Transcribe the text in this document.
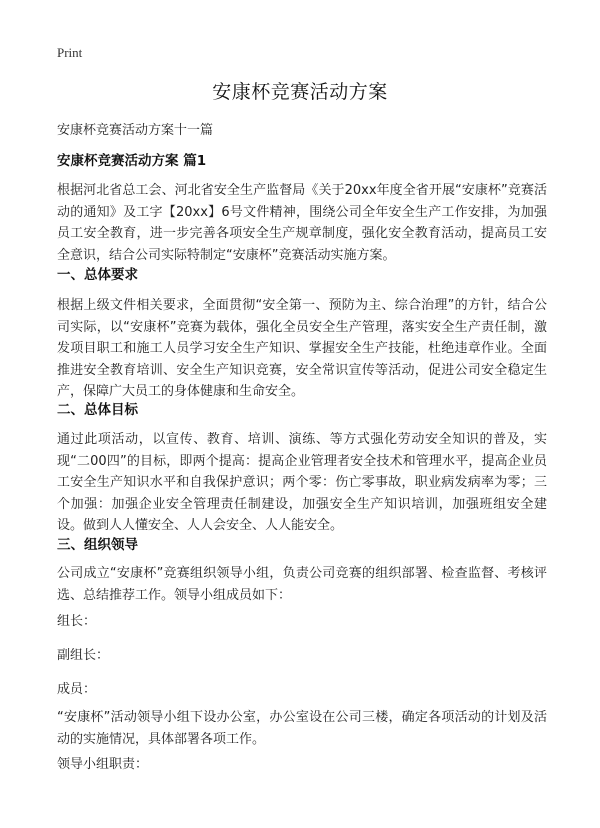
Print
安康杯竞赛活动方案

安康杯竞赛活动方案十一篇

安康杯竞赛活动方案 篇1

根据河北省总工会、河北省安全生产监督局《关于20xx年度全省开展“安康杯”竞赛活动的通知》及工字【20xx】6号文件精神，围绕公司全年安全生产工作安排，为加强员工安全教育，进一步完善各项安全生产规章制度，强化安全教育活动，提高员工安全意识，结合公司实际特制定“安康杯”竞赛活动实施方案。

一、总体要求

根据上级文件相关要求，全面贯彻“安全第一、预防为主、综合治理”的方针，结合公司实际，以“安康杯”竞赛为载体，强化全员安全生产管理，落实安全生产责任制，激发项目职工和施工人员学习安全生产知识、掌握安全生产技能，杜绝违章作业。全面推进安全教育培训、安全生产知识竞赛，安全常识宣传等活动，促进公司安全稳定生产，保障广大员工的身体健康和生命安全。

二、总体目标

通过此项活动，以宣传、教育、培训、演练、等方式强化劳动安全知识的普及，实现“二00四”的目标，即两个提高：提高企业管理者安全技术和管理水平，提高企业员工安全生产知识水平和自我保护意识；两个零：伤亡零事故，职业病发病率为零；三个加强：加强企业安全管理责任制建设，加强安全生产知识培训，加强班组安全建设。做到人人懂安全、人人会安全、人人能安全。

三、组织领导

公司成立“安康杯”竞赛组织领导小组，负责公司竞赛的组织部署、检查监督、考核评选、总结推荐工作。领导小组成员如下：

组长：

副组长：

成员：

“安康杯”活动领导小组下设办公室，办公室设在公司三楼，确定各项活动的计划及活动的实施情况，具体部署各项工作。

领导小组职责：
